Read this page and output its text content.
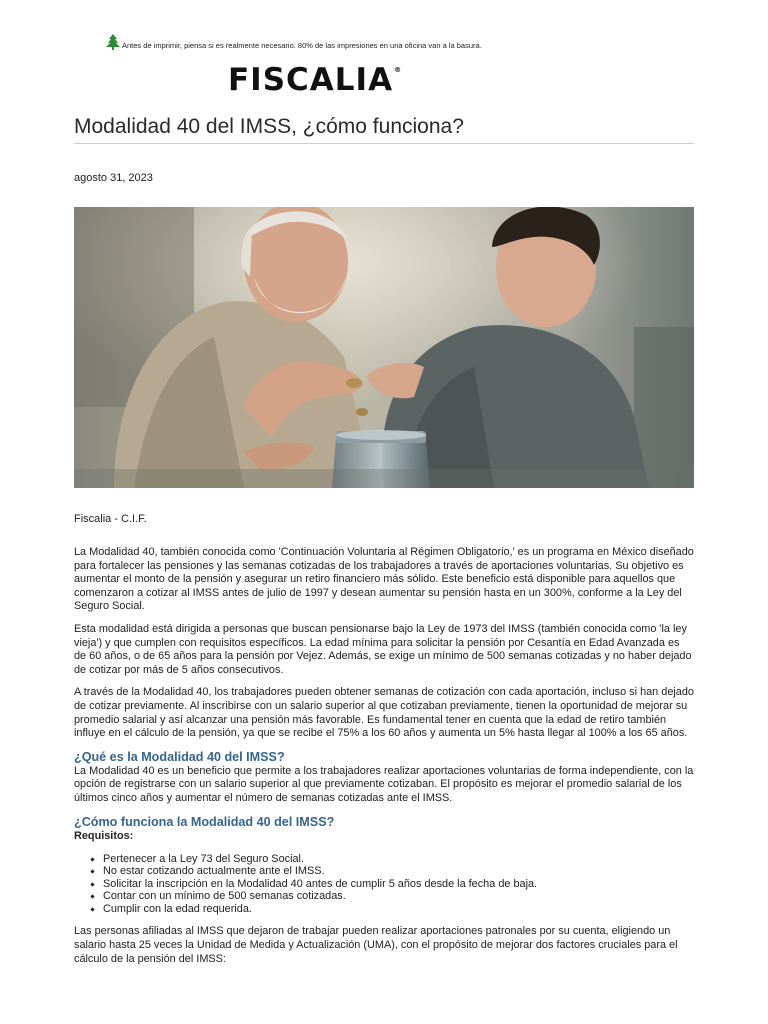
Antes de imprimir, piensa si es realmente necesario. 80% de las impresiones en una oficina van a la basura.
FISCALIA®
Modalidad 40 del IMSS, ¿cómo funciona?
agosto 31, 2023
Fiscalia - C.I.F.

La Modalidad 40, también conocida como 'Continuación Voluntaria al Régimen Obligatorio,' es un programa en México diseñado para fortalecer las pensiones y las semanas cotizadas de los trabajadores a través de aportaciones voluntarias. Su objetivo es aumentar el monto de la pensión y asegurar un retiro financiero más sólido. Este beneficio está disponible para aquellos que comenzaron a cotizar al IMSS antes de julio de 1997 y desean aumentar su pensión hasta en un 300%, conforme a la Ley del Seguro Social.

Esta modalidad está dirigida a personas que buscan pensionarse bajo la Ley de 1973 del IMSS (también conocida como 'la ley vieja') y que cumplen con requisitos específicos. La edad mínima para solicitar la pensión por Cesantía en Edad Avanzada es de 60 años, o de 65 años para la pensión por Vejez. Además, se exige un mínimo de 500 semanas cotizadas y no haber dejado de cotizar por más de 5 años consecutivos.

A través de la Modalidad 40, los trabajadores pueden obtener semanas de cotización con cada aportación, incluso si han dejado de cotizar previamente. Al inscribirse con un salario superior al que cotizaban previamente, tienen la oportunidad de mejorar su promedio salarial y así alcanzar una pensión más favorable. Es fundamental tener en cuenta que la edad de retiro también influye en el cálculo de la pensión, ya que se recibe el 75% a los 60 años y aumenta un 5% hasta llegar al 100% a los 65 años.

¿Qué es la Modalidad 40 del IMSS?

La Modalidad 40 es un beneficio que permite a los trabajadores realizar aportaciones voluntarias de forma independiente, con la opción de registrarse con un salario superior al que previamente cotizaban. El propósito es mejorar el promedio salarial de los últimos cinco años y aumentar el número de semanas cotizadas ante el IMSS.

¿Cómo funciona la Modalidad 40 del IMSS?
Requisitos:
Pertenecer a la Ley 73 del Seguro Social.
No estar cotizando actualmente ante el IMSS.
Solicitar la inscripción en la Modalidad 40 antes de cumplir 5 años desde la fecha de baja.
Contar con un mínimo de 500 semanas cotizadas.
Cumplir con la edad requerida.

Las personas afiliadas al IMSS que dejaron de trabajar pueden realizar aportaciones patronales por su cuenta, eligiendo un salario hasta 25 veces la Unidad de Medida y Actualización (UMA), con el propósito de mejorar dos factores cruciales para el cálculo de la pensión del IMSS:
